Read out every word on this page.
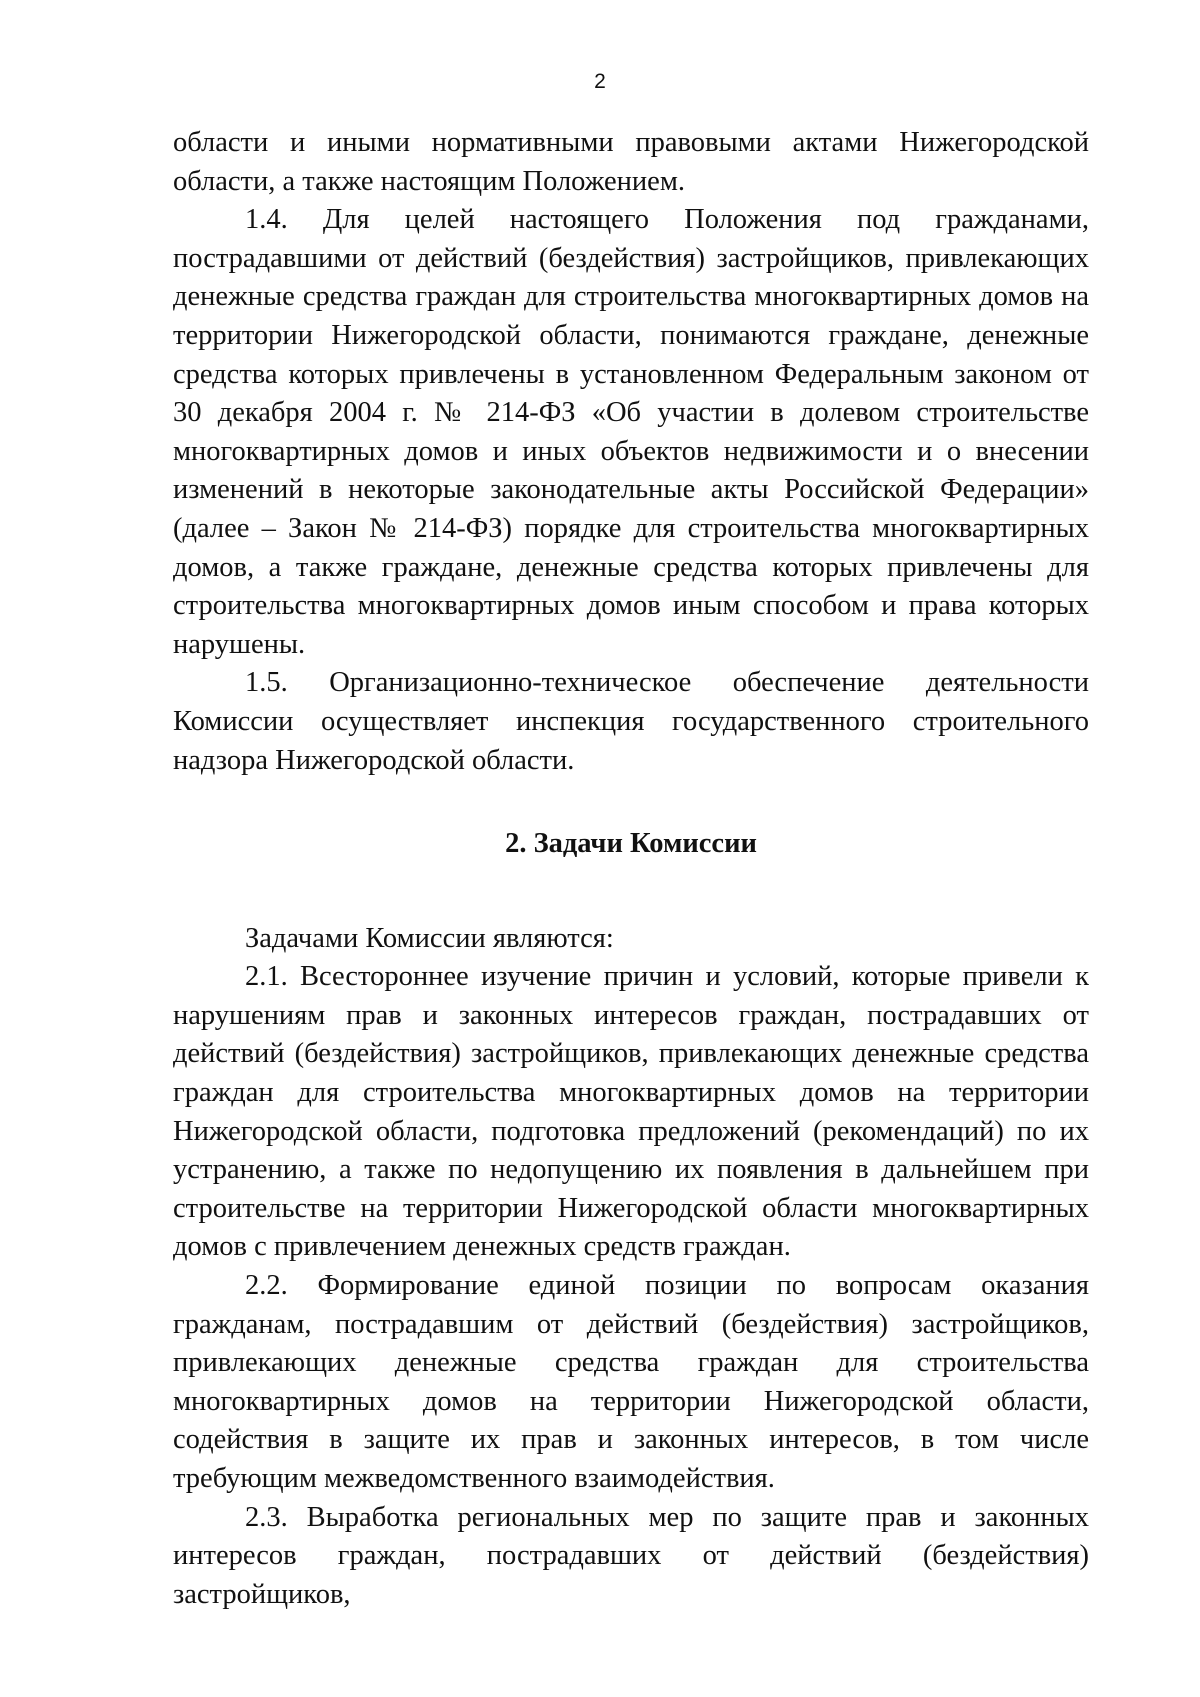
2

области и иными нормативными правовыми актами Нижегородской области, а также настоящим Положением.

1.4. Для целей настоящего Положения под гражданами, пострадавшими от действий (бездействия) застройщиков, привлекающих денежные средства граждан для строительства многоквартирных домов на территории Нижегородской области, понимаются граждане, денежные средства которых привлечены в установленном Федеральным законом от 30 декабря 2004 г. № 214-ФЗ «Об участии в долевом строительстве многоквартирных домов и иных объектов недвижимости и о внесении изменений в некоторые законодательные акты Российской Федерации» (далее – Закон № 214-ФЗ) порядке для строительства многоквартирных домов, а также граждане, денежные средства которых привлечены для строительства многоквартирных домов иным способом и права которых нарушены.

1.5. Организационно-техническое обеспечение деятельности Комиссии осуществляет инспекция государственного строительного надзора Нижегородской области.

2. Задачи Комиссии

Задачами Комиссии являются:

2.1. Всестороннее изучение причин и условий, которые привели к нарушениям прав и законных интересов граждан, пострадавших от действий (бездействия) застройщиков, привлекающих денежные средства граждан для строительства многоквартирных домов на территории Нижегородской области, подготовка предложений (рекомендаций) по их устранению, а также по недопущению их появления в дальнейшем при строительстве на территории Нижегородской области многоквартирных домов с привлечением денежных средств граждан.

2.2. Формирование единой позиции по вопросам оказания гражданам, пострадавшим от действий (бездействия) застройщиков, привлекающих денежные средства граждан для строительства многоквартирных домов на территории Нижегородской области, содействия в защите их прав и законных интересов, в том числе требующим межведомственного взаимодействия.

2.3. Выработка региональных мер по защите прав и законных интересов граждан, пострадавших от действий (бездействия) застройщиков,
